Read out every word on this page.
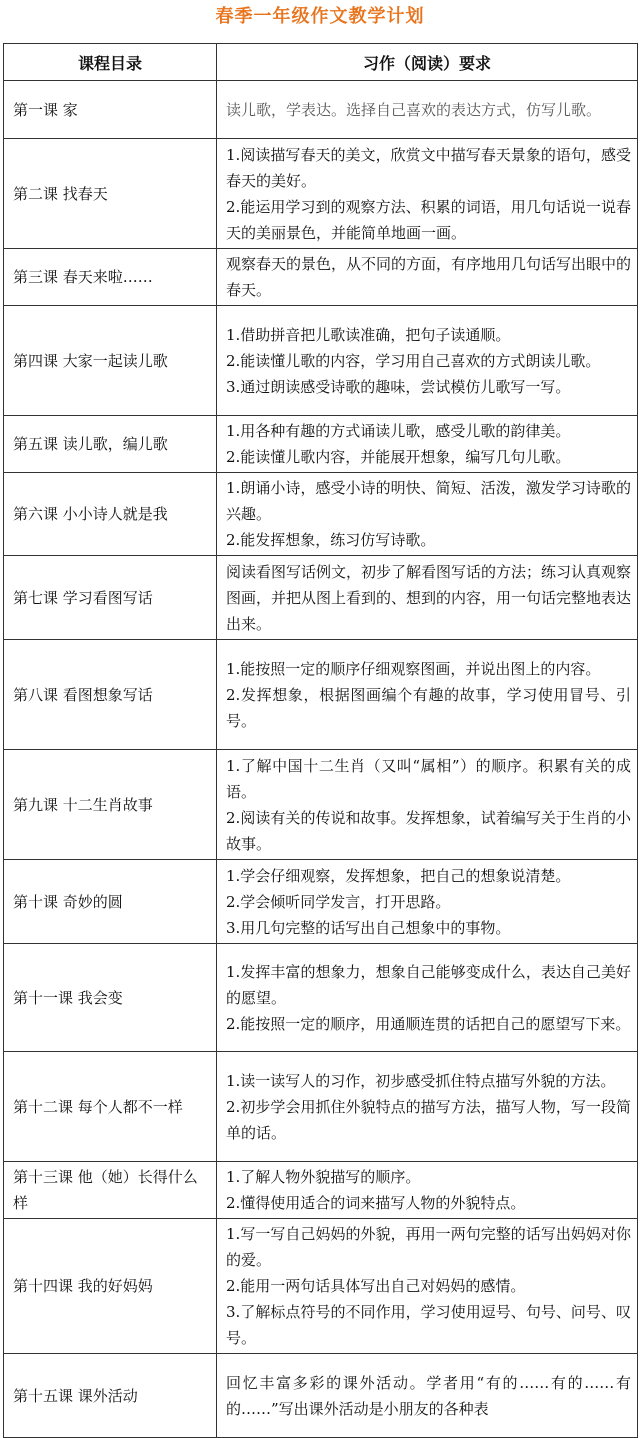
春季一年级作文教学计划
课程目录	习作（阅读）要求
第一课 家	读儿歌，学表达。选择自己喜欢的表达方式，仿写儿歌。

第二课 找春天	1.阅读描写春天的美文，欣赏文中描写春天景象的语句，感受春天的美好。

2.能运用学习到的观察方法、积累的词语，用几句话说一说春天的美丽景色，并能简单地画一画。

第三课 春天来啦……	观察春天的景色，从不同的方面，有序地用几句话写出眼中的春天。

第四课 大家一起读儿歌	1.借助拼音把儿歌读准确，把句子读通顺。

2.能读懂儿歌的内容，学习用自己喜欢的方式朗读儿歌。

3.通过朗读感受诗歌的趣味，尝试模仿儿歌写一写。

第五课 读儿歌，编儿歌	1.用各种有趣的方式诵读儿歌，感受儿歌的韵律美。

2.能读懂儿歌内容，并能展开想象，编写几句儿歌。

第六课 小小诗人就是我	1.朗诵小诗，感受小诗的明快、简短、活泼，激发学习诗歌的兴趣。

2.能发挥想象，练习仿写诗歌。

第七课 学习看图写话	阅读看图写话例文，初步了解看图写话的方法；练习认真观察图画，并把从图上看到的、想到的内容，用一句话完整地表达出来。

第八课 看图想象写话	1.能按照一定的顺序仔细观察图画，并说出图上的内容。

2.发挥想象，根据图画编个有趣的故事，学习使用冒号、引号。

第九课 十二生肖故事	1.了解中国十二生肖（又叫“属相”）的顺序。积累有关的成语。

2.阅读有关的传说和故事。发挥想象，试着编写关于生肖的小故事。

第十课 奇妙的圆	1.学会仔细观察，发挥想象，把自己的想象说清楚。

2.学会倾听同学发言，打开思路。

3.用几句完整的话写出自己想象中的事物。

第十一课 我会变	1.发挥丰富的想象力，想象自己能够变成什么，表达自己美好的愿望。

2.能按照一定的顺序，用通顺连贯的话把自己的愿望写下来。

第十二课 每个人都不一样	1.读一读写人的习作，初步感受抓住特点描写外貌的方法。

2.初步学会用抓住外貌特点的描写方法，描写人物，写一段简单的话。

第十三课 他（她）长得什么样	1.了解人物外貌描写的顺序。

2.懂得使用适合的词来描写人物的外貌特点。

第十四课 我的好妈妈	1.写一写自己妈妈的外貌，再用一两句完整的话写出妈妈对你的爱。

2.能用一两句话具体写出自己对妈妈的感情。

3.了解标点符号的不同作用，学习使用逗号、句号、问号、叹号。

第十五课 课外活动	回忆丰富多彩的课外活动。学者用“有的……有的……有的……”写出课外活动是小朋友的各种表
